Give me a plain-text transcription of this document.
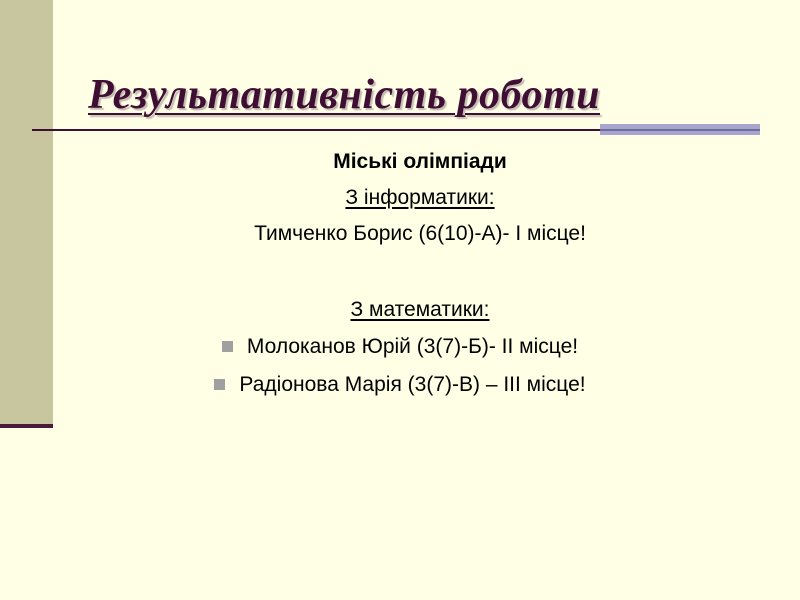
Результативність роботи
Міські олімпіади
З інформатики:
Тимченко Борис (6(10)-А)- І місце!
З математики:
Молоканов Юрій (3(7)-Б)- ІІ місце!
Радіонова Марія (3(7)-В) – ІІІ місце!
